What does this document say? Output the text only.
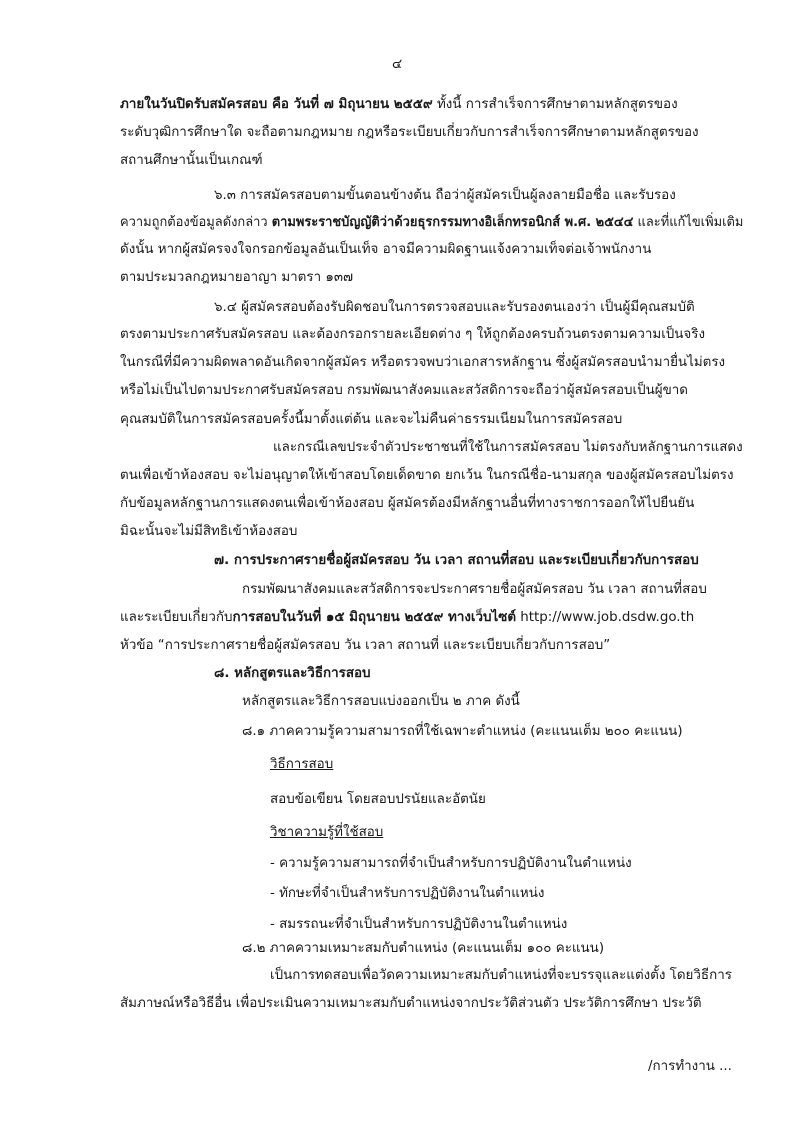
๔
ภายในวันปิดรับสมัครสอบ คือ วันที่ ๗ มิถุนายน ๒๕๕๙ ทั้งนี้ การสำเร็จการศึกษาตามหลักสูตรของ
ระดับวุฒิการศึกษาใด จะถือตามกฎหมาย กฎหรือระเบียบเกี่ยวกับการสำเร็จการศึกษาตามหลักสูตรของ
สถานศึกษานั้นเป็นเกณฑ์
๖.๓ การสมัครสอบตามขั้นตอนข้างต้น ถือว่าผู้สมัครเป็นผู้ลงลายมือชื่อ และรับรอง
ความถูกต้องข้อมูลดังกล่าว ตามพระราชบัญญัติว่าด้วยธุรกรรมทางอิเล็กทรอนิกส์ พ.ศ. ๒๕๔๔ และที่แก้ไขเพิ่มเติม
ดังนั้น หากผู้สมัครจงใจกรอกข้อมูลอันเป็นเท็จ อาจมีความผิดฐานแจ้งความเท็จต่อเจ้าพนักงาน
ตามประมวลกฎหมายอาญา มาตรา ๑๓๗
๖.๔ ผู้สมัครสอบต้องรับผิดชอบในการตรวจสอบและรับรองตนเองว่า เป็นผู้มีคุณสมบัติ
ตรงตามประกาศรับสมัครสอบ และต้องกรอกรายละเอียดต่าง ๆ ให้ถูกต้องครบถ้วนตรงตามความเป็นจริง
ในกรณีที่มีความผิดพลาดอันเกิดจากผู้สมัคร หรือตรวจพบว่าเอกสารหลักฐาน ซึ่งผู้สมัครสอบนำมายื่นไม่ตรง
หรือไม่เป็นไปตามประกาศรับสมัครสอบ กรมพัฒนาสังคมและสวัสดิการจะถือว่าผู้สมัครสอบเป็นผู้ขาด
คุณสมบัติในการสมัครสอบครั้งนี้มาตั้งแต่ต้น และจะไม่คืนค่าธรรมเนียมในการสมัครสอบ
และกรณีเลขประจำตัวประชาชนที่ใช้ในการสมัครสอบ ไม่ตรงกับหลักฐานการแสดง
ตนเพื่อเข้าห้องสอบ จะไม่อนุญาตให้เข้าสอบโดยเด็ดขาด ยกเว้น ในกรณีชื่อ-นามสกุล ของผู้สมัครสอบไม่ตรง
กับข้อมูลหลักฐานการแสดงตนเพื่อเข้าห้องสอบ ผู้สมัครต้องมีหลักฐานอื่นที่ทางราชการออกให้ไปยืนยัน
มิฉะนั้นจะไม่มีสิทธิเข้าห้องสอบ
๗. การประกาศรายชื่อผู้สมัครสอบ วัน เวลา สถานที่สอบ และระเบียบเกี่ยวกับการสอบ
กรมพัฒนาสังคมและสวัสดิการจะประกาศรายชื่อผู้สมัครสอบ วัน เวลา สถานที่สอบ
และระเบียบเกี่ยวกับการสอบในวันที่ ๑๕ มิถุนายน ๒๕๕๙ ทางเว็บไซต์ http://www.job.dsdw.go.th
หัวข้อ “การประกาศรายชื่อผู้สมัครสอบ วัน เวลา สถานที่ และระเบียบเกี่ยวกับการสอบ”
๘. หลักสูตรและวิธีการสอบ
หลักสูตรและวิธีการสอบแบ่งออกเป็น ๒ ภาค ดังนี้
๘.๑ ภาคความรู้ความสามารถที่ใช้เฉพาะตำแหน่ง (คะแนนเต็ม ๒๐๐ คะแนน)
วิธีการสอบ
สอบข้อเขียน โดยสอบปรนัยและอัตนัย
วิชาความรู้ที่ใช้สอบ
- ความรู้ความสามารถที่จำเป็นสำหรับการปฏิบัติงานในตำแหน่ง
- ทักษะที่จำเป็นสำหรับการปฏิบัติงานในตำแหน่ง
- สมรรถนะที่จำเป็นสำหรับการปฏิบัติงานในตำแหน่ง
๘.๒ ภาคความเหมาะสมกับตำแหน่ง (คะแนนเต็ม ๑๐๐ คะแนน)
เป็นการทดสอบเพื่อวัดความเหมาะสมกับตำแหน่งที่จะบรรจุและแต่งตั้ง โดยวิธีการ
สัมภาษณ์หรือวิธีอื่น เพื่อประเมินความเหมาะสมกับตำแหน่งจากประวัติส่วนตัว ประวัติการศึกษา ประวัติ
/การทำงาน ...
